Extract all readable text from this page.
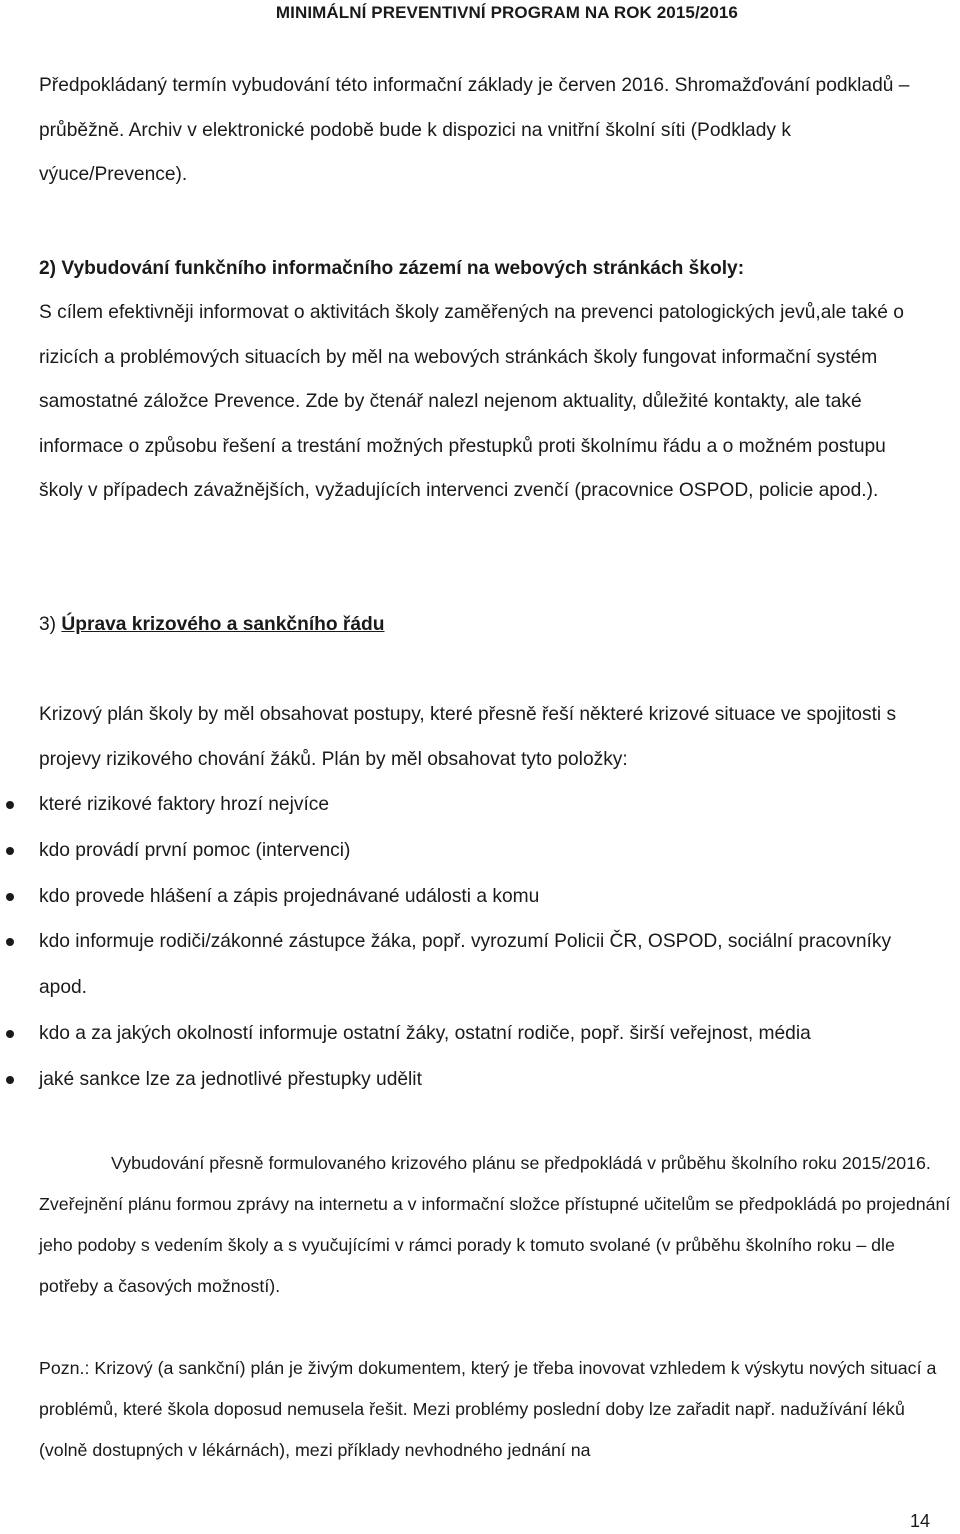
MINIMÁLNÍ PREVENTIVNÍ PROGRAM NA ROK 2015/2016

Předpokládaný termín vybudování této informační základy je červen 2016. Shromažďování podkladů – průběžně. Archiv v elektronické podobě bude k dispozici na vnitřní školní síti (Podklady k výuce/Prevence).

2) Vybudování funkčního informačního zázemí na webových stránkách školy:

S cílem efektivněji informovat o aktivitách školy zaměřených na prevenci patologických jevů,ale také o rizicích a problémových situacích by měl na webových stránkách školy fungovat informační systém samostatné záložce Prevence. Zde by čtenář nalezl nejenom aktuality, důležité kontakty, ale také informace o způsobu řešení a trestání možných přestupků proti školnímu řádu a o možném postupu školy v případech závažnějších, vyžadujících intervenci zvenčí (pracovnice OSPOD, policie apod.).

3) Úprava krizového a sankčního řádu

Krizový plán školy by měl obsahovat postupy, které přesně řeší některé krizové situace ve spojitosti s projevy rizikového chování žáků. Plán by měl obsahovat tyto položky:

které rizikové faktory hrozí nejvíce
kdo provádí první pomoc (intervenci)
kdo provede hlášení a zápis projednávané události a komu
kdo informuje rodiči/zákonné zástupce žáka, popř. vyrozumí Policii ČR, OSPOD, sociální pracovníky apod.
kdo a za jakých okolností informuje ostatní žáky, ostatní rodiče, popř. širší veřejnost, média
jaké sankce lze za jednotlivé přestupky udělit

Vybudování přesně formulovaného krizového plánu se předpokládá v průběhu školního roku 2015/2016. Zveřejnění plánu formou zprávy na internetu a v informační složce přístupné učitelům se předpokládá po projednání jeho podoby s vedením školy a s vyučujícími v rámci porady k tomuto svolané (v průběhu školního roku – dle potřeby a časových možností).

Pozn.: Krizový (a sankční) plán je živým dokumentem, který je třeba inovovat vzhledem k výskytu nových situací a problémů, které škola doposud nemusela řešit. Mezi problémy poslední doby lze zařadit např. nadužívání léků (volně dostupných v lékárnách), mezi příklady nevhodného jednání na

14
